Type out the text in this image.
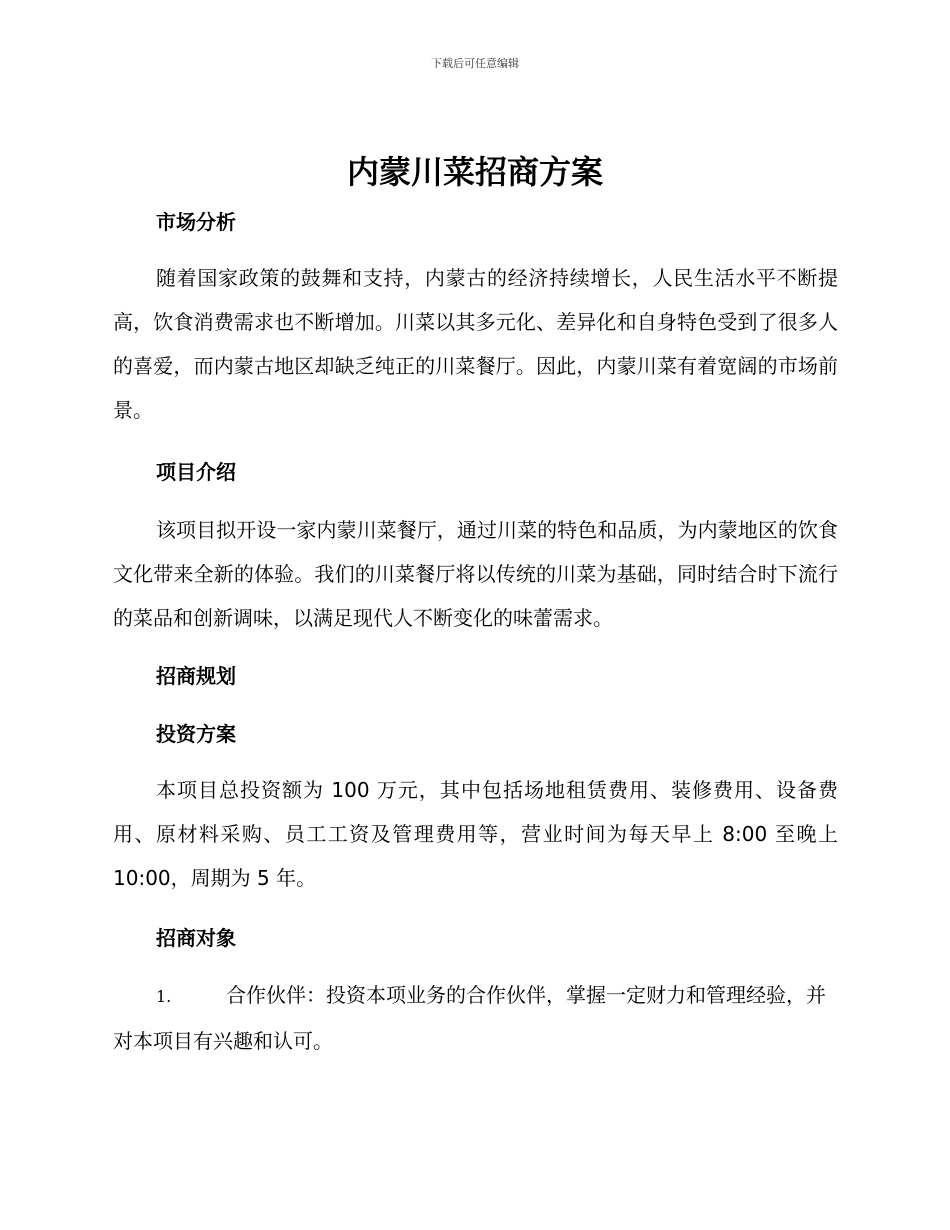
下载后可任意编辑
内蒙川菜招商方案
市场分析

随着国家政策的鼓舞和支持，内蒙古的经济持续增长，人民生活水平不断提高，饮食消费需求也不断增加。川菜以其多元化、差异化和自身特色受到了很多人的喜爱，而内蒙古地区却缺乏纯正的川菜餐厅。因此，内蒙川菜有着宽阔的市场前景。

项目介绍

该项目拟开设一家内蒙川菜餐厅，通过川菜的特色和品质，为内蒙地区的饮食文化带来全新的体验。我们的川菜餐厅将以传统的川菜为基础，同时结合时下流行的菜品和创新调味，以满足现代人不断变化的味蕾需求。

招商规划
投资方案

本项目总投资额为 100 万元，其中包括场地租赁费用、装修费用、设备费用、原材料采购、员工工资及管理费用等，营业时间为每天早上 8:00 至晚上 10:00，周期为 5 年。

招商对象
1.	合作伙伴：投资本项业务的合作伙伴，掌握一定财力和管理经验，并对本项目有兴趣和认可。
